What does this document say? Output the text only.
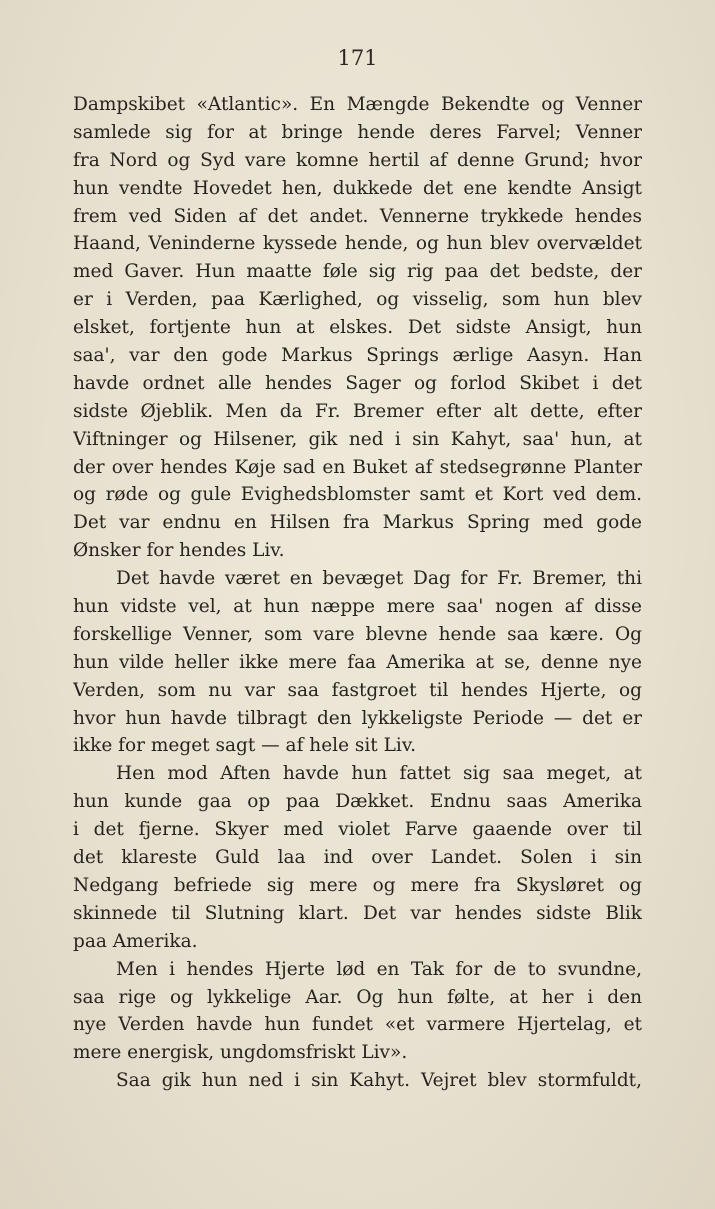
171
Dampskibet «Atlantic». En Mængde Bekendte og Venner
samlede sig for at bringe hende deres Farvel; Venner
fra Nord og Syd vare komne hertil af denne Grund; hvor
hun vendte Hovedet hen, dukkede det ene kendte Ansigt
frem ved Siden af det andet. Vennerne trykkede hendes
Haand, Veninderne kyssede hende, og hun blev overvældet
med Gaver. Hun maatte føle sig rig paa det bedste, der
er i Verden, paa Kærlighed, og visselig, som hun blev
elsket, fortjente hun at elskes. Det sidste Ansigt, hun
saa', var den gode Markus Springs ærlige Aasyn. Han
havde ordnet alle hendes Sager og forlod Skibet i det
sidste Øjeblik. Men da Fr. Bremer efter alt dette, efter
Viftninger og Hilsener, gik ned i sin Kahyt, saa' hun, at
der over hendes Køje sad en Buket af stedsegrønne Planter
og røde og gule Evighedsblomster samt et Kort ved dem.
Det var endnu en Hilsen fra Markus Spring med gode
Ønsker for hendes Liv.
Det havde været en bevæget Dag for Fr. Bremer, thi
hun vidste vel, at hun næppe mere saa' nogen af disse
forskellige Venner, som vare blevne hende saa kære. Og
hun vilde heller ikke mere faa Amerika at se, denne nye
Verden, som nu var saa fastgroet til hendes Hjerte, og
hvor hun havde tilbragt den lykkeligste Periode — det er
ikke for meget sagt — af hele sit Liv.
Hen mod Aften havde hun fattet sig saa meget, at
hun kunde gaa op paa Dækket. Endnu saas Amerika
i det fjerne. Skyer med violet Farve gaaende over til
det klareste Guld laa ind over Landet. Solen i sin
Nedgang befriede sig mere og mere fra Skysløret og
skinnede til Slutning klart. Det var hendes sidste Blik
paa Amerika.
Men i hendes Hjerte lød en Tak for de to svundne,
saa rige og lykkelige Aar. Og hun følte, at her i den
nye Verden havde hun fundet «et varmere Hjertelag, et
mere energisk, ungdomsfriskt Liv».
Saa gik hun ned i sin Kahyt. Vejret blev stormfuldt,
